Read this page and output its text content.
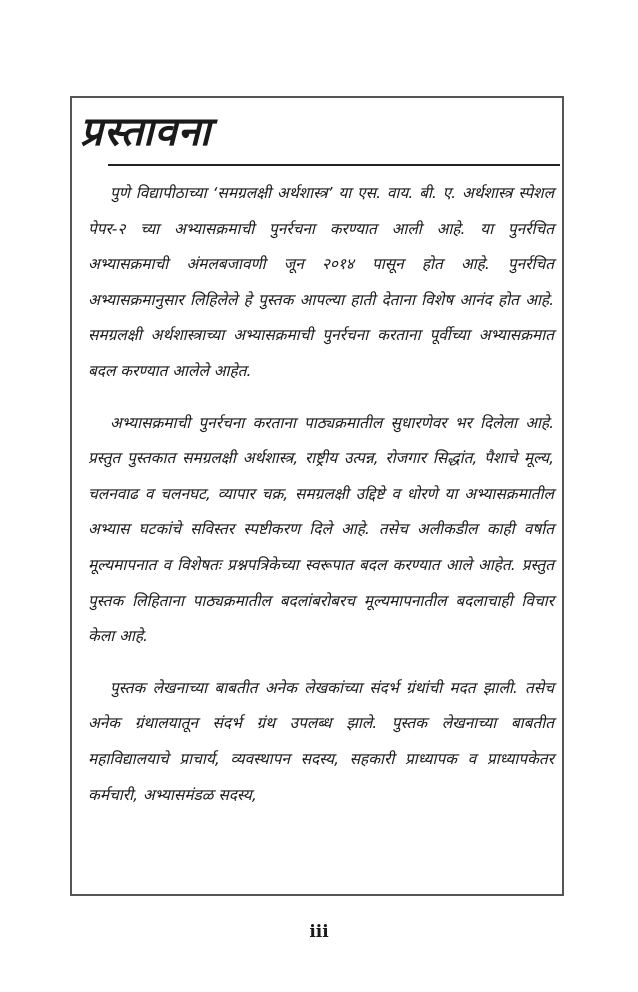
प्रस्तावना

पुणे विद्यापीठाच्या ‘समग्रलक्षी अर्थशास्त्र’ या एस. वाय. बी. ए. अर्थशास्त्र स्पेशल पेपर-२ च्या अभ्यासक्रमाची पुनर्रचना करण्यात आली आहे. या पुनर्रचित अभ्यासक्रमाची अंमलबजावणी जून २०१४ पासून होत आहे. पुनर्रचित अभ्यासक्रमानुसार लिहिलेले हे पुस्तक आपल्या हाती देताना विशेष आनंद होत आहे. समग्रलक्षी अर्थशास्त्राच्या अभ्यासक्रमाची पुनर्रचना करताना पूर्वीच्या अभ्यासक्रमात बदल करण्यात आलेले आहेत.

अभ्यासक्रमाची पुनर्रचना करताना पाठ्यक्रमातील सुधारणेवर भर दिलेला आहे. प्रस्तुत पुस्तकात समग्रलक्षी अर्थशास्त्र, राष्ट्रीय उत्पन्न, रोजगार सिद्धांत, पैशाचे मूल्य, चलनवाढ व चलनघट, व्यापार चक्र, समग्रलक्षी उद्दिष्टे व धोरणे या अभ्यासक्रमातील अभ्यास घटकांचे सविस्तर स्पष्टीकरण दिले आहे. तसेच अलीकडील काही वर्षात मूल्यमापनात व विशेषतः प्रश्नपत्रिकेच्या स्वरूपात बदल करण्यात आले आहेत. प्रस्तुत पुस्तक लिहिताना पाठ्यक्रमातील बदलांबरोबरच मूल्यमापनातील बदलाचाही विचार केला आहे.

पुस्तक लेखनाच्या बाबतीत अनेक लेखकांच्या संदर्भ ग्रंथांची मदत झाली. तसेच अनेक ग्रंथालयातून संदर्भ ग्रंथ उपलब्ध झाले. पुस्तक लेखनाच्या बाबतीत महाविद्यालयाचे प्राचार्य, व्यवस्थापन सदस्य, सहकारी प्राध्यापक व प्राध्यापकेतर कर्मचारी, अभ्यासमंडळ सदस्य,

iii
